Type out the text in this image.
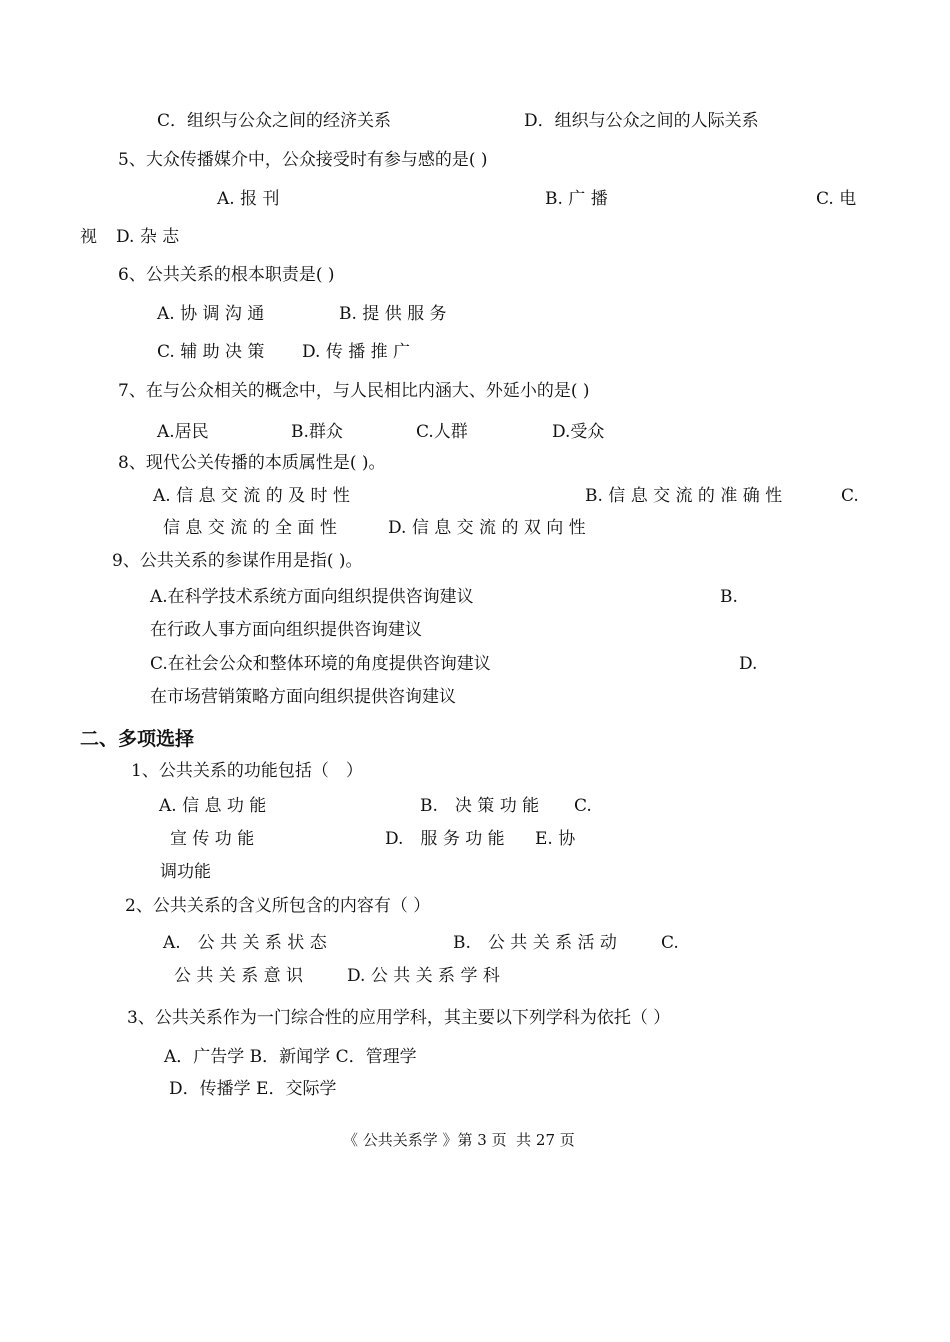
C．组织与公众之间的经济关系	D．组织与公众之间的人际关系
5、大众传播媒介中，公众接受时有参与感的是( )
A. 报 刊	B. 广 播	C. 电
视 D. 杂 志
6、公共关系的根本职责是( )
A. 协 调 沟 通	B. 提 供 服 务
C. 辅 助 决 策 D. 传 播 推 广
7、在与公众相关的概念中，与人民相比内涵大、外延小的是( )
A.居民	B.群众	C.人群	D.受众
8、现代公关传播的本质属性是( )。
A. 信 息 交 流 的 及 时 性	B. 信 息 交 流 的 准 确 性	C.
信 息 交 流 的 全 面 性	D. 信 息 交 流 的 双 向 性
9、公共关系的参谋作用是指( )。
A.在科学技术系统方面向组织提供咨询建议	B.
在行政人事方面向组织提供咨询建议
C.在社会公众和整体环境的角度提供咨询建议	D.
在市场营销策略方面向组织提供咨询建议
二、多项选择
1、公共关系的功能包括（　）
A. 信 息 功 能	B.　决 策 功 能 C.
宣 传 功 能	D.　服 务 功 能 E. 协
调功能
2、公共关系的含义所包含的内容有（ ）
A.　公 共 关 系 状 态	B.　公 共 关 系 活 动	C.
公 共 关 系 意 识	D. 公 共 关 系 学 科
3、公共关系作为一门综合性的应用学科，其主要以下列学科为依托（ ）
A．广告学 B．新闻学 C．管理学
D．传播学 E．交际学
《 公共关系学 》第 3 页  共 27 页
